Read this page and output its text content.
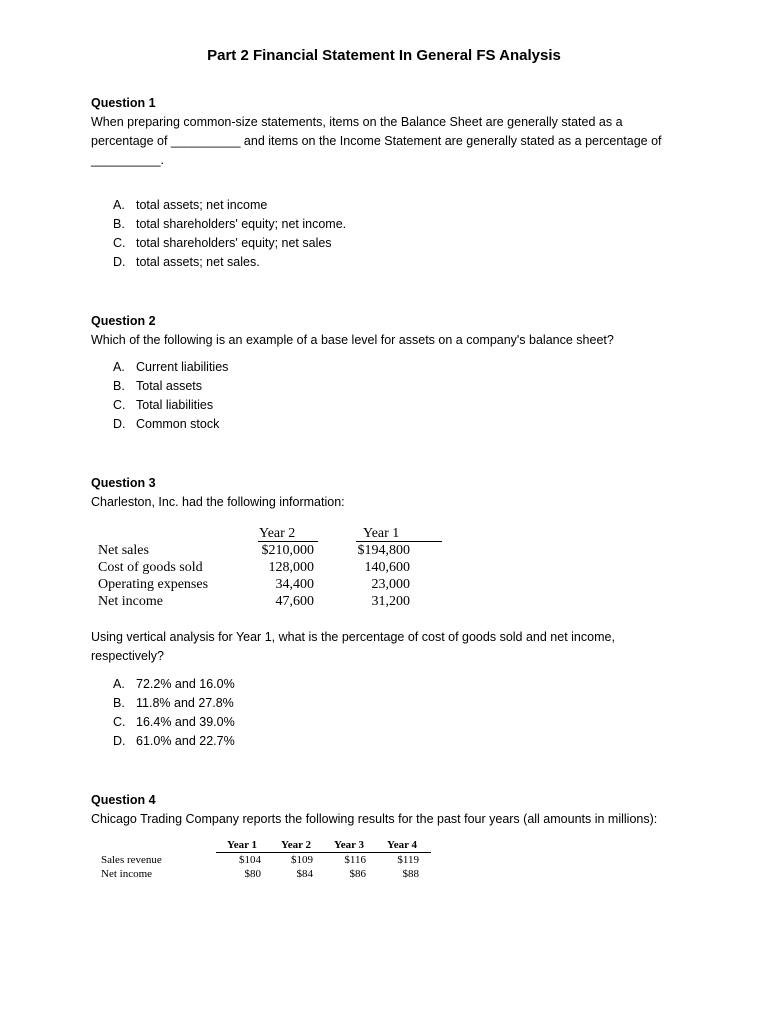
Part 2 Financial Statement In General FS Analysis
Question 1
When preparing common-size statements, items on the Balance Sheet are generally stated as a
percentage of __________ and items on the Income Statement are generally stated as a percentage of
__________.
A. total assets; net income
B. total shareholders' equity; net income.
C. total shareholders' equity; net sales
D. total assets; net sales.
Question 2
Which of the following is an example of a base level for assets on a company's balance sheet?
A. Current liabilities
B. Total assets
C. Total liabilities
D. Common stock
Question 3
Charleston, Inc. had the following information:
Year 2	Year 1
Net sales	$210,000	$194,800
Cost of goods sold	128,000	140,600
Operating expenses	34,400	23,000
Net income	47,600	31,200
Using vertical analysis for Year 1, what is the percentage of cost of goods sold and net income,
respectively?
A. 72.2% and 16.0%
B. 11.8% and 27.8%
C. 16.4% and 39.0%
D. 61.0% and 22.7%
Question 4
Chicago Trading Company reports the following results for the past four years (all amounts in millions):
Year 1 Year 2 Year 3 Year 4
Sales revenue	$104	$109	$116	$119
Net income	$80	$84	$86	$88
